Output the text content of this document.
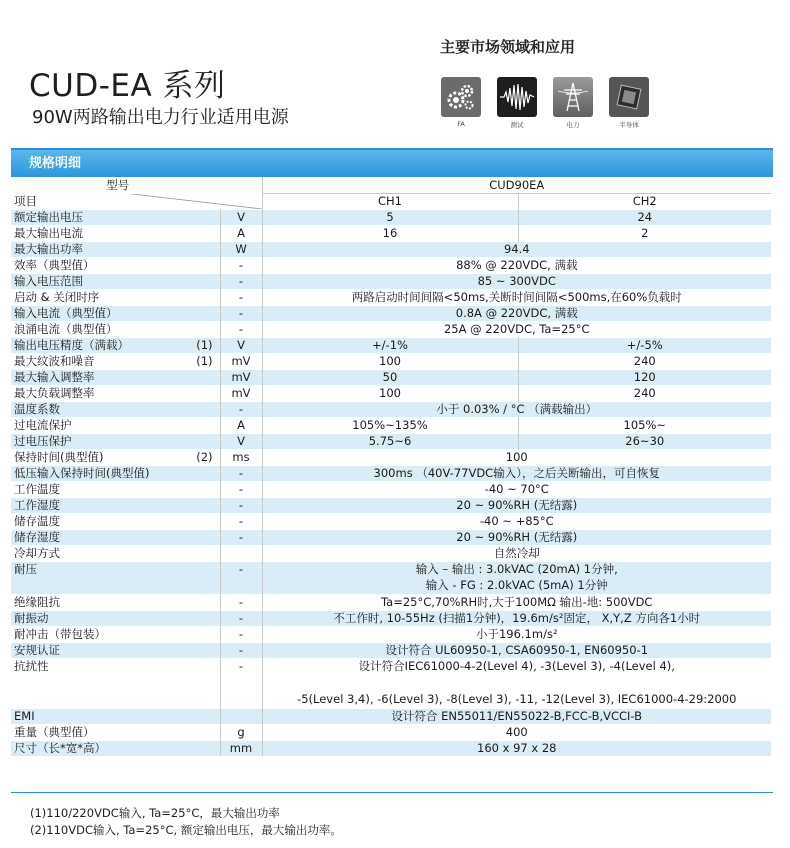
CUD-EA 系列
90W两路输出电力行业适用电源
主要市场领域和应用
FA	测试	电力	半导体
规格明细
型号		CUD90EA	
项目		CH1	CH2
额定输出电压	V	5	24
最大输出电流	A	16	2
最大输出功率	W	94.4	
效率（典型值）	-	88% @ 220VDC, 满载	
输入电压范围	-	85 ~ 300VDC	
启动 & 关闭时序	-	两路启动时间间隔<50ms,关断时间间隔<500ms,在60%负载时	
输入电流（典型值）	-	0.8A @ 220VDC, 满载	
浪涌电流（典型值）	-	25A @ 220VDC, Ta=25°C	
输出电压精度（满载） (1)	V	+/-1%	+/-5%
最大纹波和噪音 (1)	mV	100	240
最大输入调整率	mV	50	120
最大负载调整率	mV	100	240
温度系数	-	小于 0.03% / °C （满载输出）	
过电流保护	A	105%~135%	105%~
过电压保护	V	5.75~6	26~30
保持时间(典型值) (2)	ms	100	
低压输入保持时间(典型值)	-	300ms （40V-77VDC输入），之后关断输出，可自恢复	
工作温度	-	-40 ~ 70°C	
工作湿度	-	20 ~ 90%RH (无结露)	
储存温度	-	-40 ~ +85°C	
储存湿度	-	20 ~ 90%RH (无结露)	
冷却方式		自然冷却	
耐压	-	输入 – 输出 : 3.0kVAC (20mA) 1分钟,
输入 - FG : 2.0kVAC (5mA) 1分钟	

绝缘阻抗	-	Ta=25°C,70%RH时,大于100MΩ 输出-地: 500VDC	
耐振动	-	不工作时, 10-55Hz (扫描1分钟)，19.6m/s²固定， X,Y,Z 方向各1小时	
耐冲击（带包装）	-	小于196.1m/s²	
安规认证	-	设计符合 UL60950-1, CSA60950-1, EN60950-1	
抗扰性	-	设计符合IEC61000-4-2(Level 4), -3(Level 3), -4(Level 4),
-5(Level 3,4), -6(Level 3), -8(Level 3), -11, -12(Level 3), IEC61000-4-29:2000	

EMI		设计符合 EN55011/EN55022-B,FCC-B,VCCI-B	
重量（典型值）	g	400	
尺寸（长*宽*高）	mm	160 x 97 x 28	
(1)110/220VDC输入, Ta=25°C，最大输出功率
(2)110VDC输入, Ta=25°C, 额定输出电压，最大输出功率。
